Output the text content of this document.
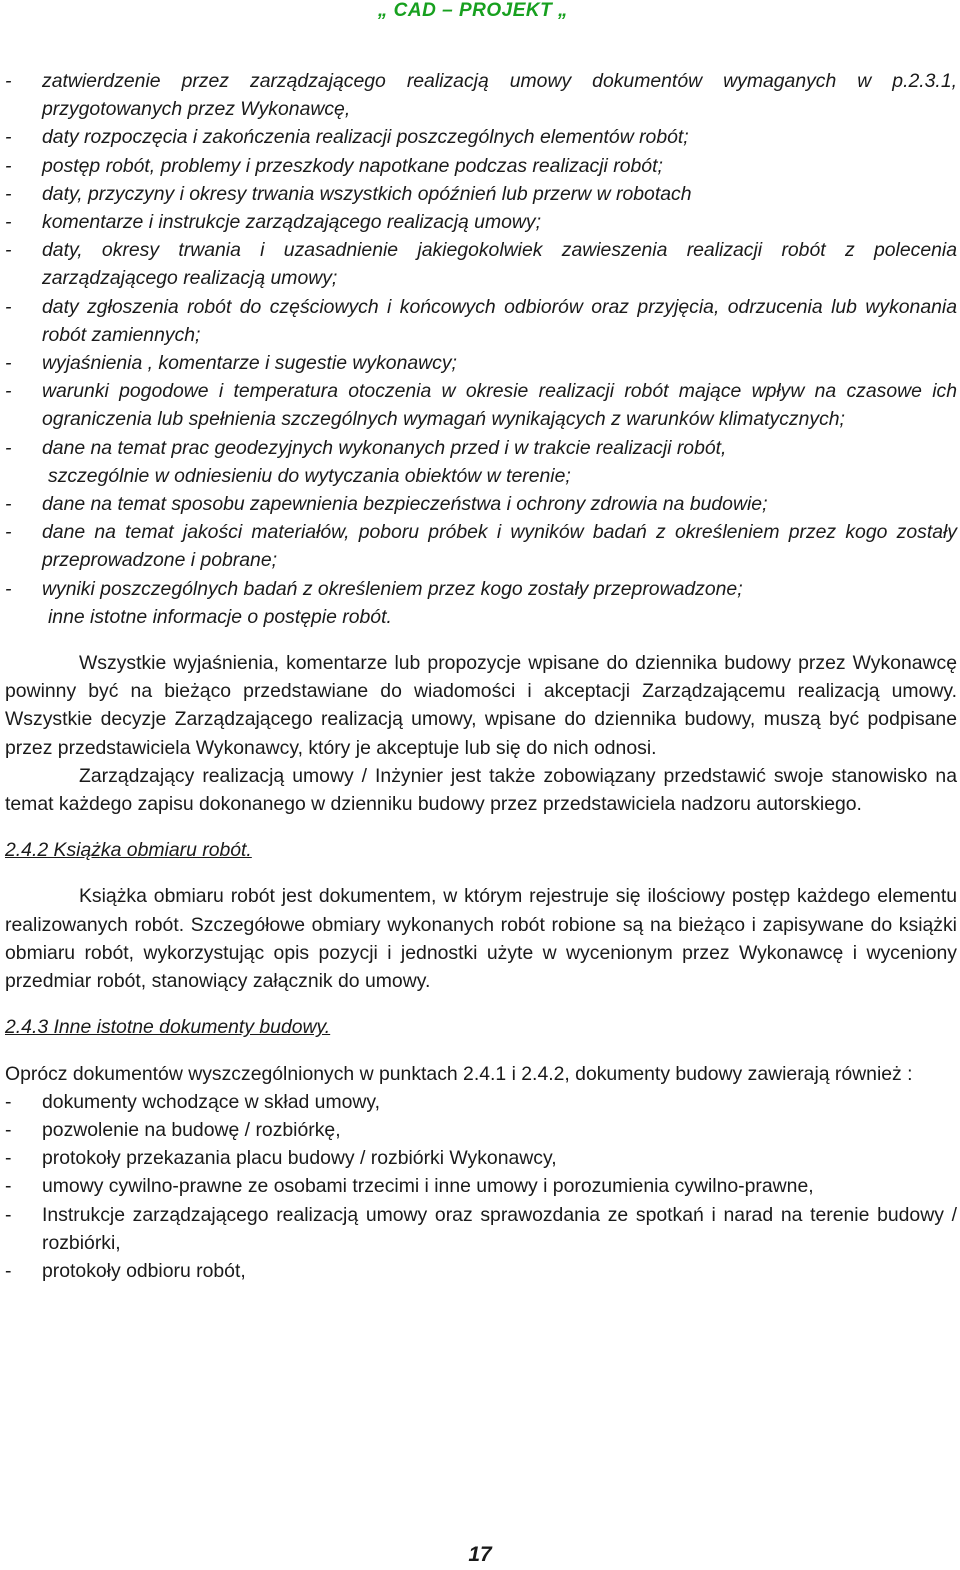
„ CAD – PROJEKT „
- zatwierdzenie przez zarządzającego realizacją umowy dokumentów wymaganych w p.2.3.1, przygotowanych przez Wykonawcę,
- daty rozpoczęcia i zakończenia realizacji poszczególnych elementów robót;
- postęp robót, problemy i przeszkody napotkane podczas realizacji robót;
- daty, przyczyny i okresy trwania wszystkich opóźnień lub przerw w robotach
- komentarze i instrukcje zarządzającego realizacją umowy;
- daty, okresy trwania i uzasadnienie jakiegokolwiek zawieszenia realizacji robót z polecenia zarządzającego realizacją umowy;
- daty zgłoszenia robót do częściowych i końcowych odbiorów oraz przyjęcia, odrzucenia lub wykonania robót zamiennych;
- wyjaśnienia , komentarze i sugestie wykonawcy;
- warunki pogodowe i temperatura otoczenia w okresie realizacji robót mające wpływ na czasowe ich ograniczenia lub spełnienia szczególnych wymagań wynikających z warunków klimatycznych;
- dane na temat prac geodezyjnych wykonanych przed i w trakcie realizacji robót,
szczególnie w odniesieniu do wytyczania obiektów w terenie;
- dane na temat sposobu zapewnienia bezpieczeństwa i ochrony zdrowia na budowie;
- dane na temat jakości materiałów, poboru próbek i wyników badań z określeniem przez kogo zostały przeprowadzone i pobrane;
- wyniki poszczególnych badań z określeniem przez kogo zostały przeprowadzone;
inne istotne informacje o postępie robót.

Wszystkie wyjaśnienia, komentarze lub propozycje wpisane do dziennika budowy przez Wykonawcę powinny być na bieżąco przedstawiane do wiadomości i akceptacji Zarządzającemu realizacją umowy. Wszystkie decyzje Zarządzającego realizacją umowy, wpisane do dziennika budowy, muszą być podpisane przez przedstawiciela Wykonawcy, który je akceptuje lub się do nich odnosi.

Zarządzający realizacją umowy / Inżynier jest także zobowiązany przedstawić swoje stanowisko na temat każdego zapisu dokonanego w dzienniku budowy przez przedstawiciela nadzoru autorskiego.

2.4.2 Książka obmiaru robót.

Książka obmiaru robót jest dokumentem, w którym rejestruje się ilościowy postęp każdego elementu realizowanych robót. Szczegółowe obmiary wykonanych robót robione są na bieżąco i zapisywane do książki obmiaru robót, wykorzystując opis pozycji i jednostki użyte w wycenionym przez Wykonawcę i wyceniony przedmiar robót, stanowiący załącznik do umowy.

2.4.3 Inne istotne dokumenty budowy.

Oprócz dokumentów wyszczególnionych w punktach 2.4.1 i 2.4.2, dokumenty budowy zawierają również :

- dokumenty wchodzące w skład umowy,
- pozwolenie na budowę / rozbiórkę,
- protokoły przekazania placu budowy / rozbiórki Wykonawcy,
- umowy cywilno-prawne ze osobami trzecimi i inne umowy i porozumienia cywilno-prawne,
- Instrukcje zarządzającego realizacją umowy oraz sprawozdania ze spotkań i narad na terenie budowy / rozbiórki,
- protokoły odbioru robót,
17
